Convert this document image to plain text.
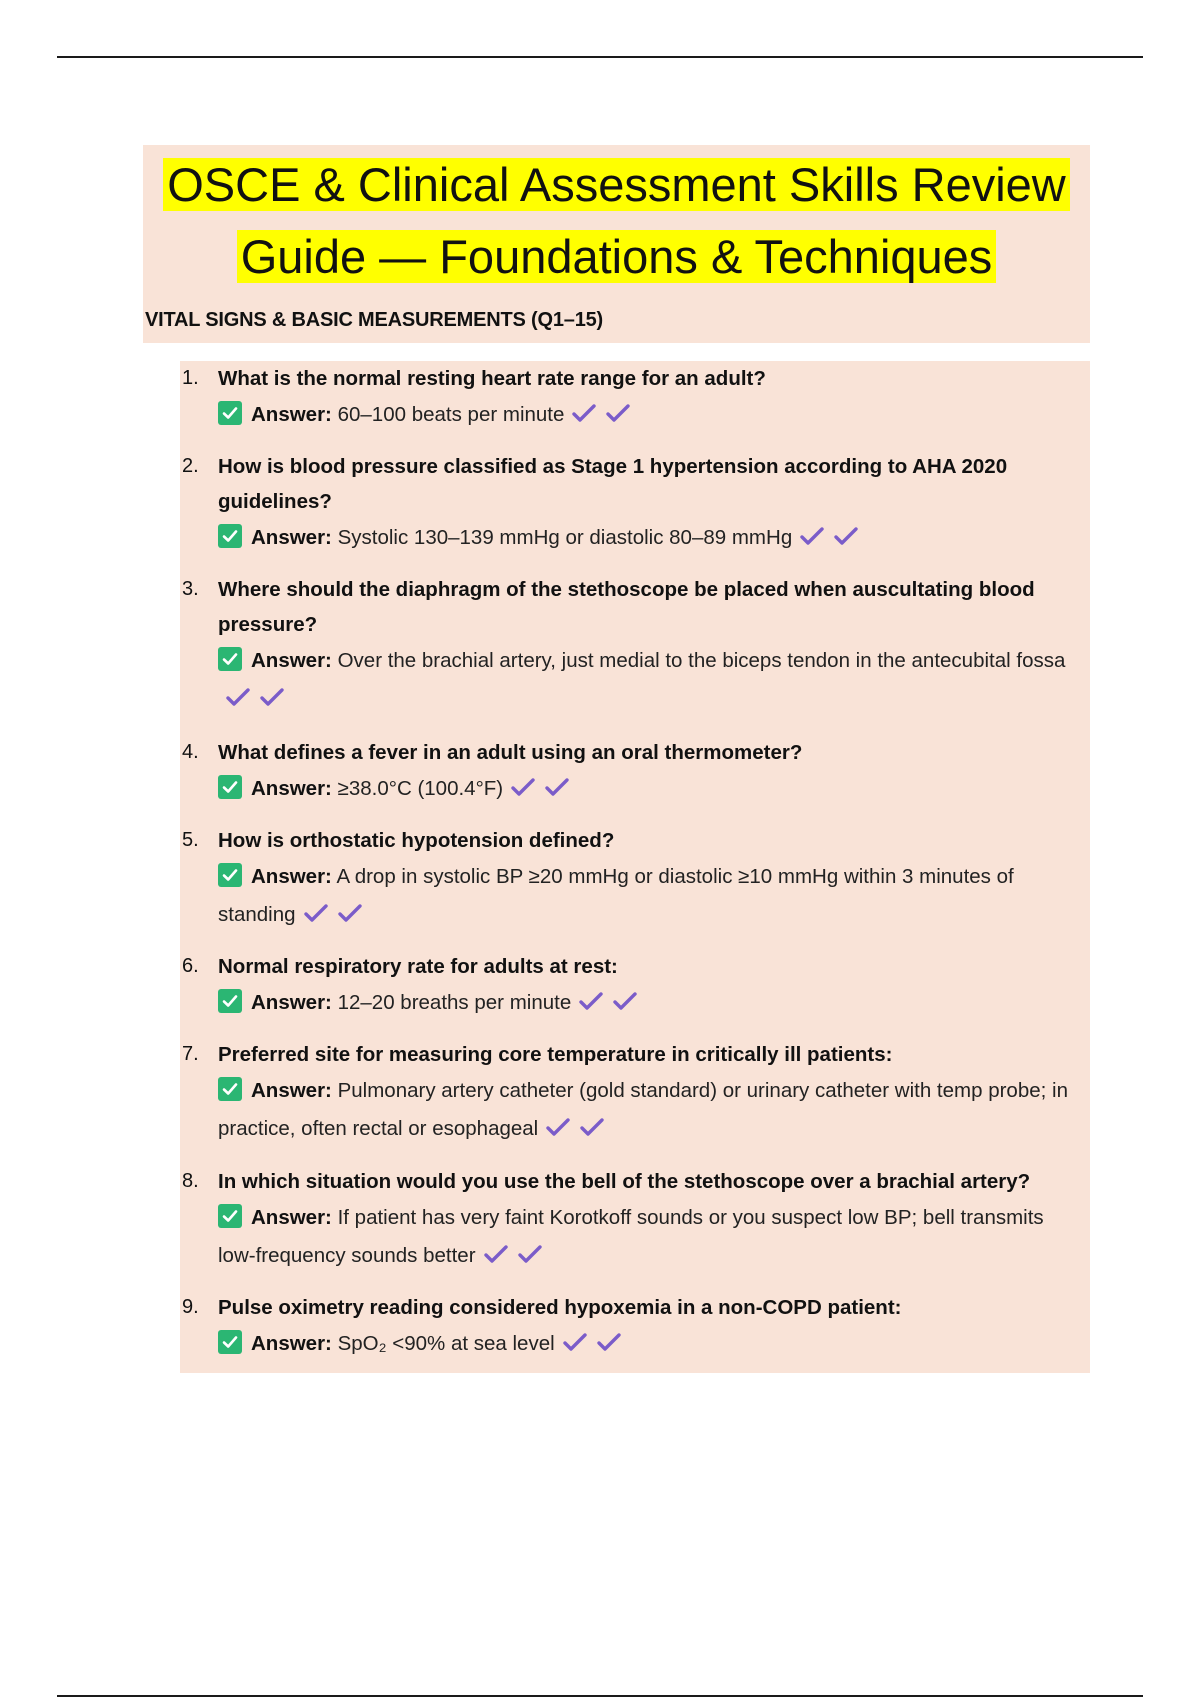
OSCE & Clinical Assessment Skills Review
Guide — Foundations & Techniques
VITAL SIGNS & BASIC MEASUREMENTS (Q1–15)
1. What is the normal resting heart rate range for an adult?
Answer: 60–100 beats per minute
2. How is blood pressure classified as Stage 1 hypertension according to AHA 2020 guidelines?
Answer: Systolic 130–139 mmHg or diastolic 80–89 mmHg
3. Where should the diaphragm of the stethoscope be placed when auscultating blood pressure?
Answer: Over the brachial artery, just medial to the biceps tendon in the antecubital fossa
4. What defines a fever in an adult using an oral thermometer?
Answer: ≥38.0°C (100.4°F)
5. How is orthostatic hypotension defined?
Answer: A drop in systolic BP ≥20 mmHg or diastolic ≥10 mmHg within 3 minutes of standing
6. Normal respiratory rate for adults at rest:
Answer: 12–20 breaths per minute
7. Preferred site for measuring core temperature in critically ill patients:
Answer: Pulmonary artery catheter (gold standard) or urinary catheter with temp probe; in practice, often rectal or esophageal
8. In which situation would you use the bell of the stethoscope over a brachial artery?
Answer: If patient has very faint Korotkoff sounds or you suspect low BP; bell transmits low-frequency sounds better
9. Pulse oximetry reading considered hypoxemia in a non-COPD patient:
Answer: SpO₂ <90% at sea level
